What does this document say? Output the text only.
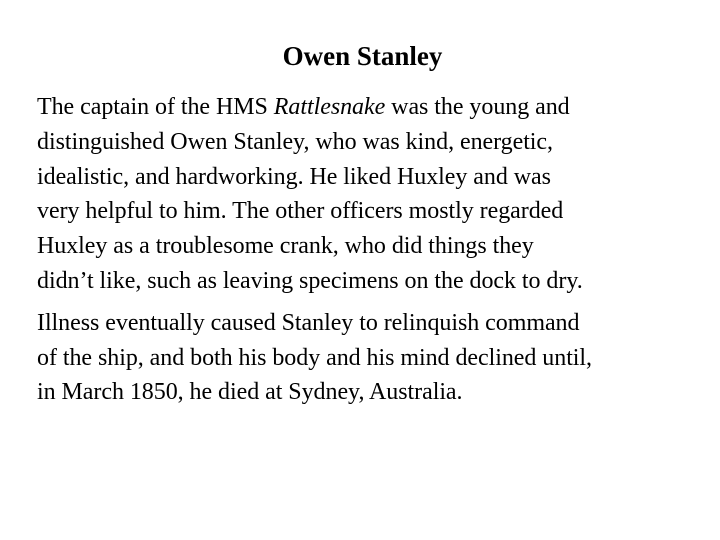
Owen Stanley

The captain of the HMS Rattlesnake was the young and
distinguished Owen Stanley, who was kind, energetic,
idealistic, and hardworking. He liked Huxley and was
very helpful to him. The other officers mostly regarded
Huxley as a troublesome crank, who did things they
didn’t like, such as leaving specimens on the dock to dry.

Illness eventually caused Stanley to relinquish command
of the ship, and both his body and his mind declined until,
in March 1850, he died at Sydney, Australia.
